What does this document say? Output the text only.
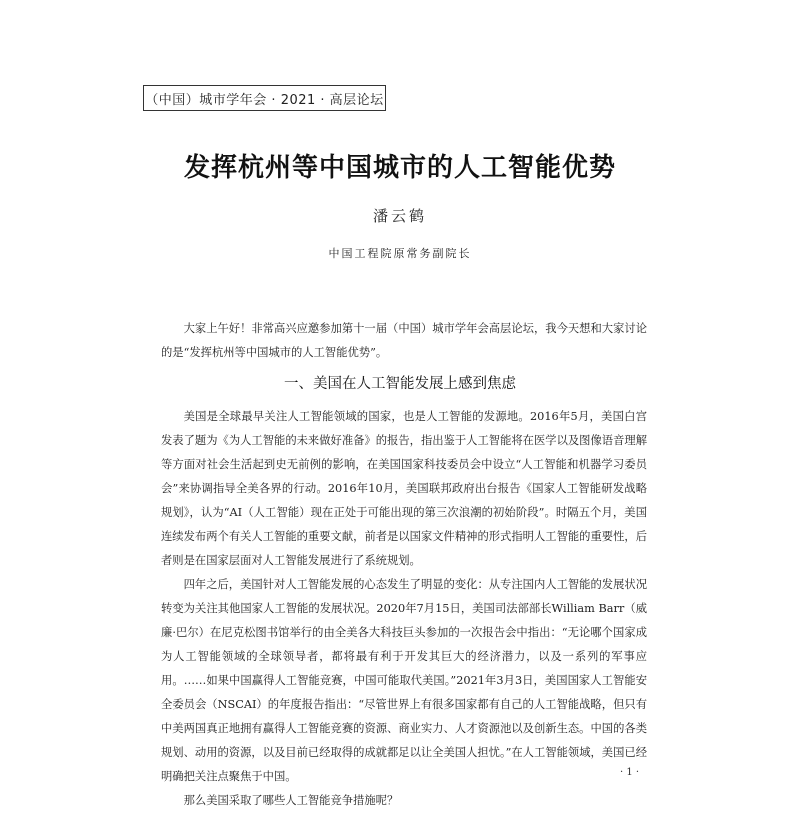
（中国）城市学年会 · 2021 · 高层论坛
发挥杭州等中国城市的人工智能优势
潘云鹤
中国工程院原常务副院长

大家上午好！非常高兴应邀参加第十一届（中国）城市学年会高层论坛，我今天想和大家讨论的是“发挥杭州等中国城市的人工智能优势”。

一、美国在人工智能发展上感到焦虑

美国是全球最早关注人工智能领域的国家，也是人工智能的发源地。2016年5月，美国白宫发表了题为《为人工智能的未来做好准备》的报告，指出鉴于人工智能将在医学以及图像语音理解等方面对社会生活起到史无前例的影响，在美国国家科技委员会中设立“人工智能和机器学习委员会”来协调指导全美各界的行动。2016年10月，美国联邦政府出台报告《国家人工智能研发战略规划》，认为“AI（人工智能）现在正处于可能出现的第三次浪潮的初始阶段”。时隔五个月，美国连续发布两个有关人工智能的重要文献，前者是以国家文件精神的形式指明人工智能的重要性，后者则是在国家层面对人工智能发展进行了系统规划。

四年之后，美国针对人工智能发展的心态发生了明显的变化：从专注国内人工智能的发展状况转变为关注其他国家人工智能的发展状况。2020年7月15日，美国司法部部长William Barr（威廉·巴尔）在尼克松图书馆举行的由全美各大科技巨头参加的一次报告会中指出：“无论哪个国家成为人工智能领域的全球领导者，都将最有利于开发其巨大的经济潜力，以及一系列的军事应用。……如果中国赢得人工智能竞赛，中国可能取代美国。”2021年3月3日，美国国家人工智能安全委员会（NSCAI）的年度报告指出：“尽管世界上有很多国家都有自己的人工智能战略，但只有中美两国真正地拥有赢得人工智能竞赛的资源、商业实力、人才资源池以及创新生态。中国的各类规划、动用的资源，以及目前已经取得的成就都足以让全美国人担忧。”在人工智能领域，美国已经明确把关注点聚焦于中国。

那么美国采取了哪些人工智能竞争措施呢？

· 1 ·
